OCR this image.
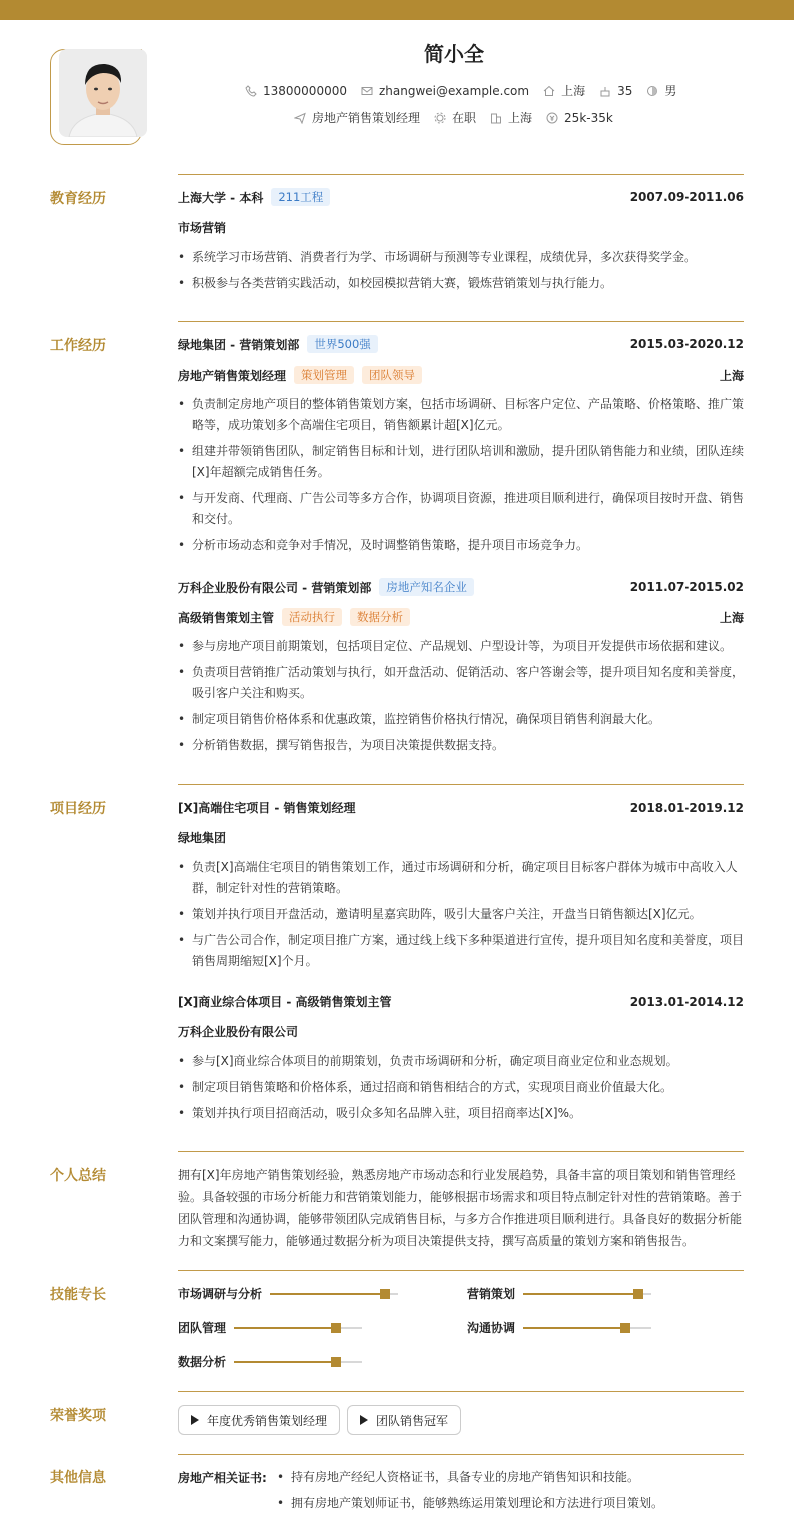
简小全
13800000000	zhangwei@example.com	上海	35	男
房地产销售策划经理	在职	上海	25k-35k
教育经历	上海大学 - 本科	211工程	2007.09-2011.06
市场营销
• 系统学习市场营销、消费者行为学、市场调研与预测等专业课程，成绩优异，多次获得奖学金。
• 积极参与各类营销实践活动，如校园模拟营销大赛，锻炼营销策划与执行能力。
工作经历	绿地集团 - 营销策划部	世界500强	2015.03-2020.12
房地产销售策划经理	策划管理	团队领导	上海
• 负责制定房地产项目的整体销售策划方案，包括市场调研、目标客户定位、产品策略、价格策略、推广策略等，成功策划多个高端住宅项目，销售额累计超[X]亿元。
• 组建并带领销售团队，制定销售目标和计划，进行团队培训和激励，提升团队销售能力和业绩，团队连续[X]年超额完成销售任务。
• 与开发商、代理商、广告公司等多方合作，协调项目资源，推进项目顺利进行，确保项目按时开盘、销售和交付。
• 分析市场动态和竞争对手情况，及时调整销售策略，提升项目市场竞争力。
万科企业股份有限公司 - 营销策划部	房地产知名企业	2011.07-2015.02
高级销售策划主管	活动执行	数据分析	上海
• 参与房地产项目前期策划，包括项目定位、产品规划、户型设计等，为项目开发提供市场依据和建议。
• 负责项目营销推广活动策划与执行，如开盘活动、促销活动、客户答谢会等，提升项目知名度和美誉度，吸引客户关注和购买。
• 制定项目销售价格体系和优惠政策，监控销售价格执行情况，确保项目销售利润最大化。
• 分析销售数据，撰写销售报告，为项目决策提供数据支持。
项目经历	[X]高端住宅项目 - 销售策划经理	2018.01-2019.12
绿地集团
• 负责[X]高端住宅项目的销售策划工作，通过市场调研和分析，确定项目目标客户群体为城市中高收入人群，制定针对性的营销策略。
• 策划并执行项目开盘活动，邀请明星嘉宾助阵，吸引大量客户关注，开盘当日销售额达[X]亿元。
• 与广告公司合作，制定项目推广方案，通过线上线下多种渠道进行宣传，提升项目知名度和美誉度，项目销售周期缩短[X]个月。
[X]商业综合体项目 - 高级销售策划主管	2013.01-2014.12
万科企业股份有限公司
• 参与[X]商业综合体项目的前期策划，负责市场调研和分析，确定项目商业定位和业态规划。
• 制定项目销售策略和价格体系，通过招商和销售相结合的方式，实现项目商业价值最大化。
• 策划并执行项目招商活动，吸引众多知名品牌入驻，项目招商率达[X]%。
个人总结	拥有[X]年房地产销售策划经验，熟悉房地产市场动态和行业发展趋势，具备丰富的项目策划和销售管理经验。具备较强的市场分析能力和营销策划能力，能够根据市场需求和项目特点制定针对性的营销策略。善于团队管理和沟通协调，能够带领团队完成销售目标，与多方合作推进项目顺利进行。具备良好的数据分析能力和文案撰写能力，能够通过数据分析为项目决策提供支持，撰写高质量的策划方案和销售报告。
技能专长	市场调研与分析	营销策划
团队管理	沟通协调
数据分析
荣誉奖项	年度优秀销售策划经理	团队销售冠军
其他信息	房地产相关证书:
•	持有房地产经纪人资格证书，具备专业的房地产销售知识和技能。
• 拥有房地产策划师证书，能够熟练运用策划理论和方法进行项目策划。
